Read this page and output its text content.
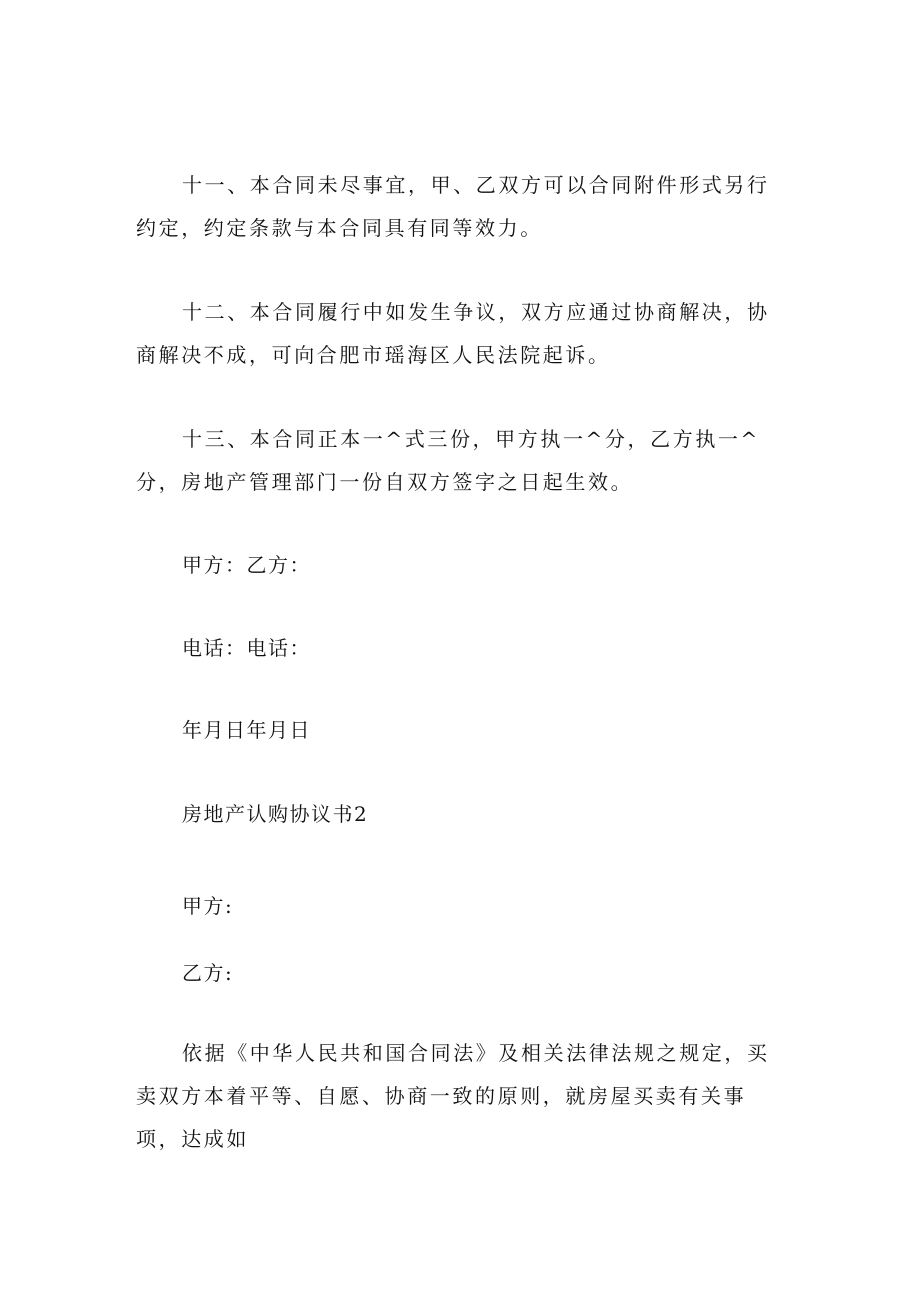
十一、本合同未尽事宜，甲、乙双方可以合同附件形式另行约定，约定条款与本合同具有同等效力。

十二、本合同履行中如发生争议，双方应通过协商解决，协商解决不成，可向合肥市瑶海区人民法院起诉。

十三、本合同正本一^式三份，甲方执一^分，乙方执一^分，房地产管理部门一份自双方签字之日起生效。

甲方：乙方：

电话：电话：

年月日年月日

房地产认购协议书2

甲方:

乙方:

依据《中华人民共和国合同法》及相关法律法规之规定，买卖双方本着平等、自愿、协商一致的原则，就房屋买卖有关事项，达成如
